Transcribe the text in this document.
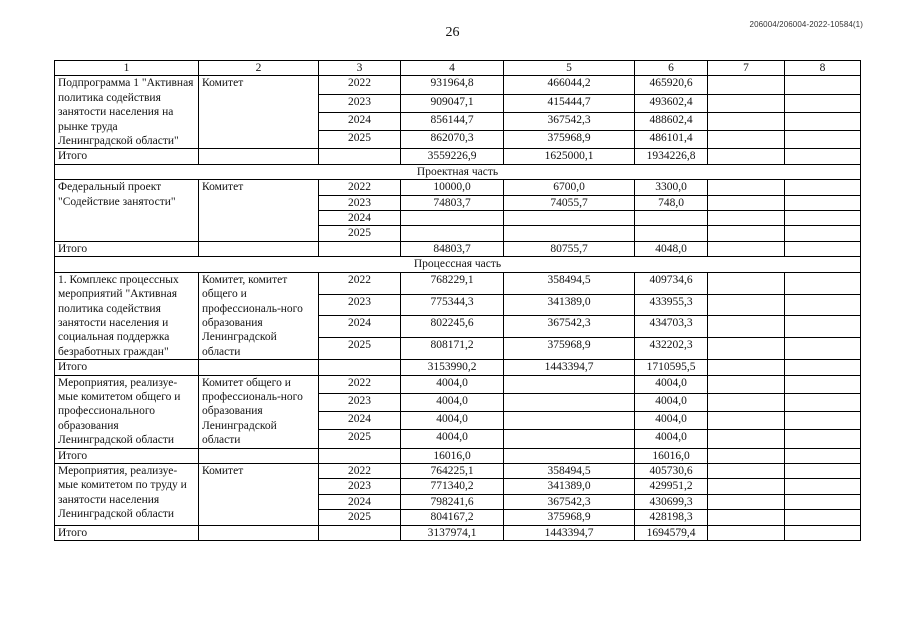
26
206004/206004-2022-10584(1)
1	2	3	4	5	6	7	8
Подпрограмма 1 "Активная политика содействия занятости населения на рынке труда Ленинградской области"	Комитет	2022	931964,8	466044,2	465920,6		
		2023	909047,1	415444,7	493602,4		
		2024	856144,7	367542,3	488602,4		
		2025	862070,3	375968,9	486101,4		
Итого			3559226,9	1625000,1	1934226,8		
Проектная часть							
Федеральный проект "Содействие занятости"	Комитет	2022	10000,0	6700,0	3300,0		
		2023	74803,7	74055,7	748,0		
		2024					
		2025					
Итого			84803,7	80755,7	4048,0		
Процессная часть							
1. Комплекс процессных мероприятий "Активная политика содействия занятости населения и социальная поддержка безработных граждан"	Комитет, комитет общего и профессиональ-ного образования Ленинградской области	2022	768229,1	358494,5	409734,6		
		2023	775344,3	341389,0	433955,3		
		2024	802245,6	367542,3	434703,3		
		2025	808171,2	375968,9	432202,3		
Итого			3153990,2	1443394,7	1710595,5		
Мероприятия, реализуе-мые комитетом общего и профессионального образования Ленинградской области	Комитет общего и профессиональ-ного образования Ленинградской области	2022	4004,0		4004,0		
		2023	4004,0		4004,0		
		2024	4004,0		4004,0		
		2025	4004,0		4004,0		
Итого			16016,0		16016,0		
Мероприятия, реализуе-мые комитетом по труду и занятости населения Ленинградской области	Комитет	2022	764225,1	358494,5	405730,6		
		2023	771340,2	341389,0	429951,2		
		2024	798241,6	367542,3	430699,3		
		2025	804167,2	375968,9	428198,3		
Итого			3137974,1	1443394,7	1694579,4		
